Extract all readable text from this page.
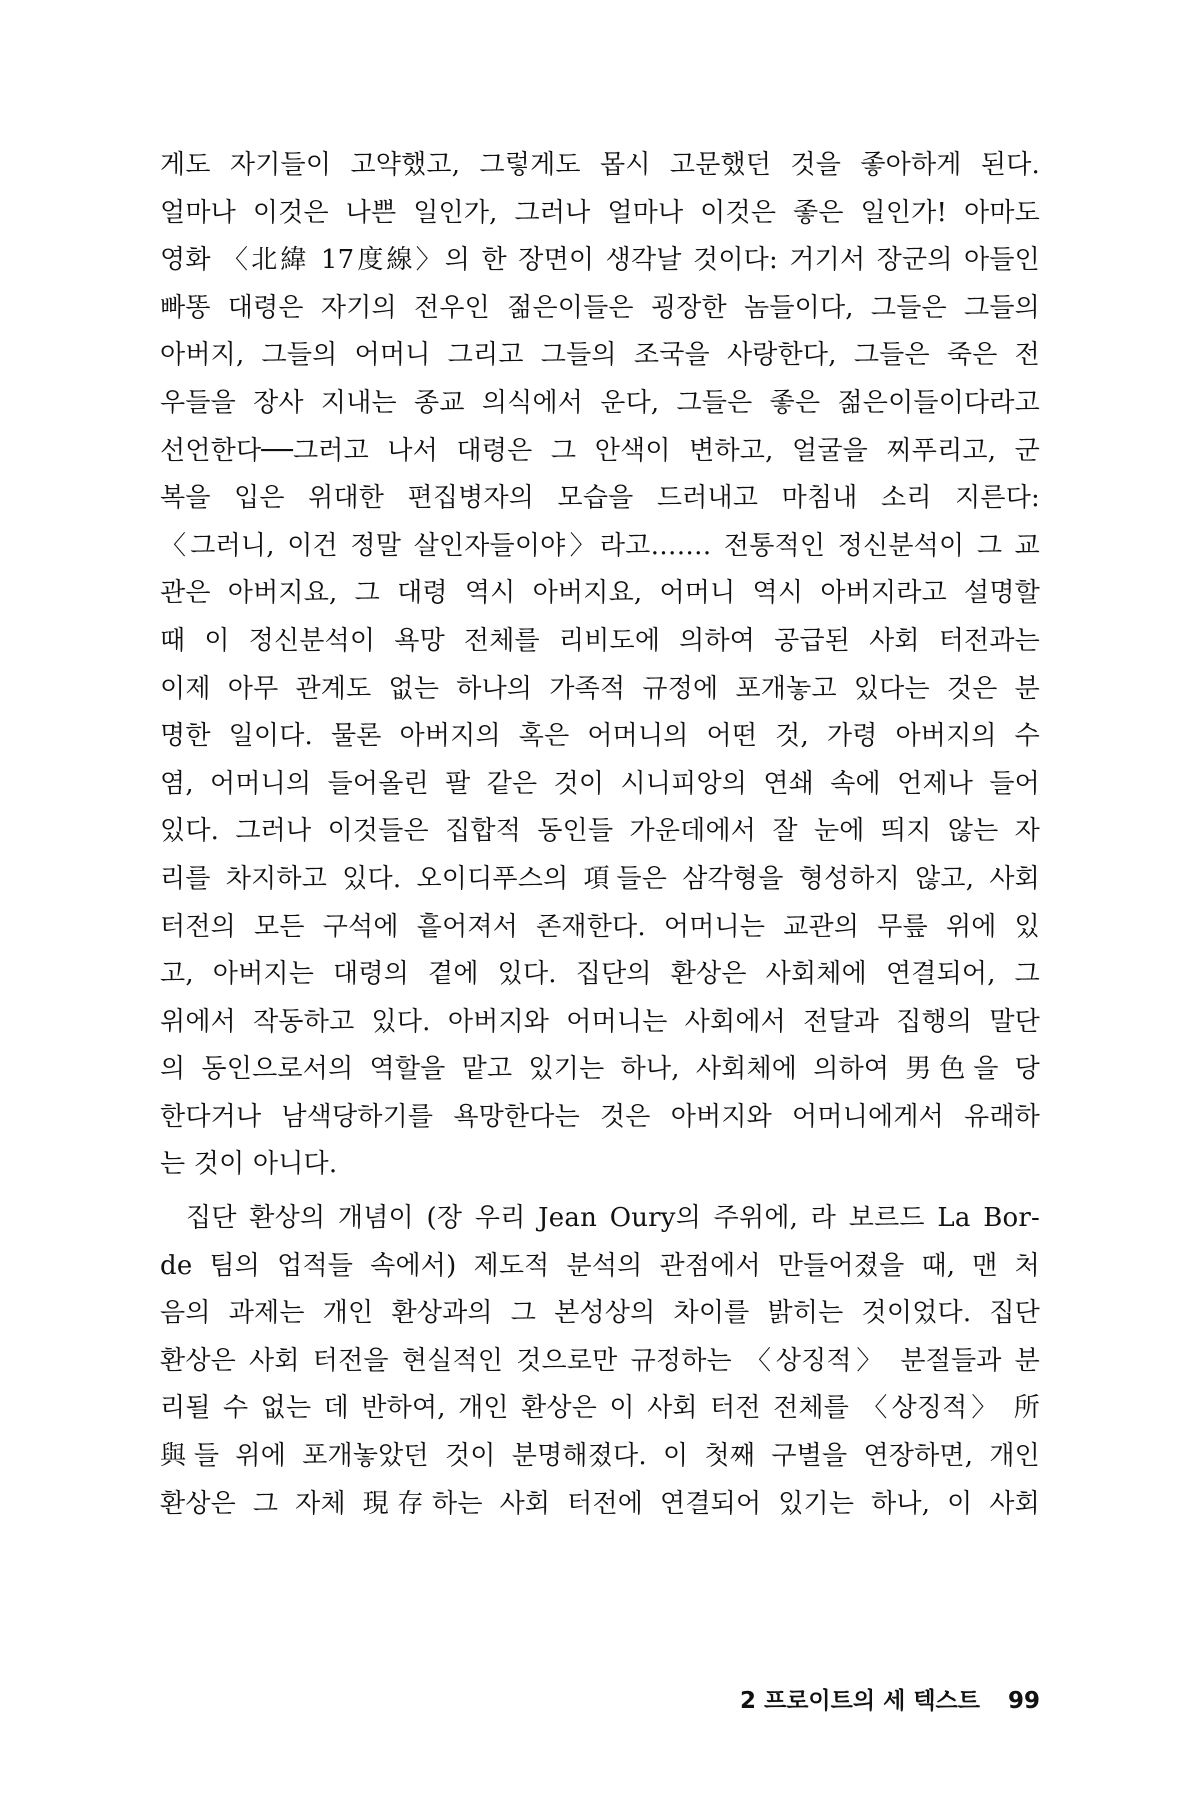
게도 자기들이 고약했고, 그렇게도 몹시 고문했던 것을 좋아하게 된다.
얼마나 이것은 나쁜 일인가, 그러나 얼마나 이것은 좋은 일인가! 아마도
영화 〈北緯 17度線〉의 한 장면이 생각날 것이다: 거기서 장군의 아들인
빠똥 대령은 자기의 전우인 젊은이들은 굉장한 놈들이다, 그들은 그들의
아버지, 그들의 어머니 그리고 그들의 조국을 사랑한다, 그들은 죽은 전
우들을 장사 지내는 종교 의식에서 운다, 그들은 좋은 젊은이들이다라고
선언한다──그러고 나서 대령은 그 안색이 변하고, 얼굴을 찌푸리고, 군
복을 입은 위대한 편집병자의 모습을 드러내고 마침내 소리 지른다:
〈그러니, 이건 정말 살인자들이야〉라고……. 전통적인 정신분석이 그 교
관은 아버지요, 그 대령 역시 아버지요, 어머니 역시 아버지라고 설명할
때 이 정신분석이 욕망 전체를 리비도에 의하여 공급된 사회 터전과는
이제 아무 관계도 없는 하나의 가족적 규정에 포개놓고 있다는 것은 분
명한 일이다. 물론 아버지의 혹은 어머니의 어떤 것, 가령 아버지의 수
염, 어머니의 들어올린 팔 같은 것이 시니피앙의 연쇄 속에 언제나 들어
있다. 그러나 이것들은 집합적 동인들 가운데에서 잘 눈에 띄지 않는 자
리를 차지하고 있다. 오이디푸스의 項들은 삼각형을 형성하지 않고, 사회
터전의 모든 구석에 흩어져서 존재한다. 어머니는 교관의 무릎 위에 있
고, 아버지는 대령의 곁에 있다. 집단의 환상은 사회체에 연결되어, 그
위에서 작동하고 있다. 아버지와 어머니는 사회에서 전달과 집행의 말단
의 동인으로서의 역할을 맡고 있기는 하나, 사회체에 의하여 男色을 당
한다거나 남색당하기를 욕망한다는 것은 아버지와 어머니에게서 유래하
는 것이 아니다.
집단 환상의 개념이 (장 우리 Jean Oury의 주위에, 라 보르드 La Bor-
de 팀의 업적들 속에서) 제도적 분석의 관점에서 만들어졌을 때, 맨 처
음의 과제는 개인 환상과의 그 본성상의 차이를 밝히는 것이었다. 집단
환상은 사회 터전을 현실적인 것으로만 규정하는 〈상징적〉 분절들과 분
리될 수 없는 데 반하여, 개인 환상은 이 사회 터전 전체를 〈상징적〉 所
與들 위에 포개놓았던 것이 분명해졌다. 이 첫째 구별을 연장하면, 개인
환상은 그 자체 現存하는 사회 터전에 연결되어 있기는 하나, 이 사회
2 프로이트의 세 텍스트 99
